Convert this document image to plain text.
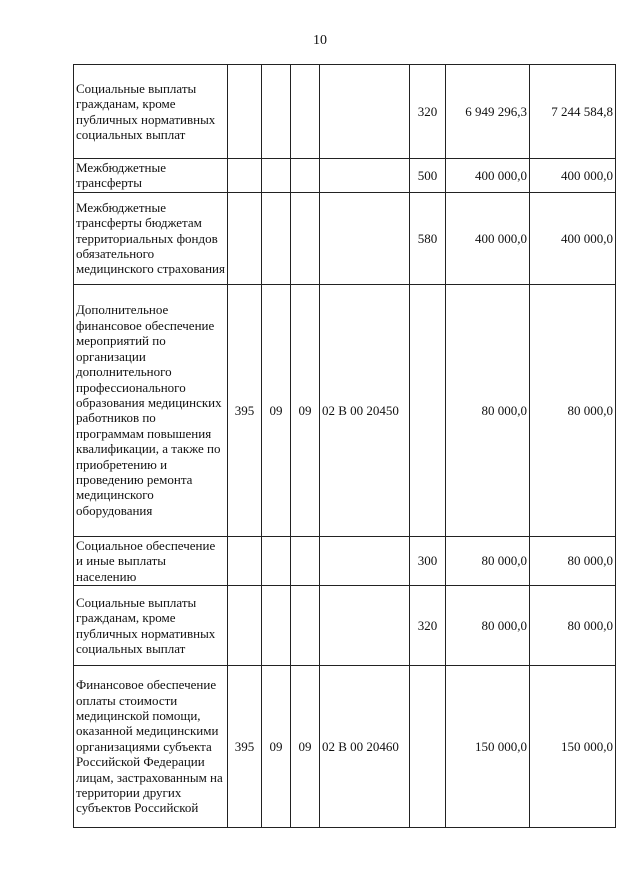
10
Социальные выплаты гражданам, кроме публичных нормативных социальных выплат					320	6 949 296,3	7 244 584,8
Межбюджетные трансферты					500	400 000,0	400 000,0
Межбюджетные трансферты бюджетам территориальных фондов обязательного медицинского страхования					580	400 000,0	400 000,0
Дополнительное финансовое обеспечение мероприятий по организации дополнительного профессионального образования медицинских работников по программам повышения квалификации, а также по приобретению и проведению ремонта медицинского оборудования	395	09	09	02 В 00 20450		80 000,0	80 000,0
Социальное обеспечение и иные выплаты населению					300	80 000,0	80 000,0
Социальные выплаты гражданам, кроме публичных нормативных социальных выплат					320	80 000,0	80 000,0
Финансовое обеспечение оплаты стоимости медицинской помощи, оказанной медицинскими организациями субъекта Российской Федерации лицам, застрахованным на территории других субъектов Российской	395	09	09	02 В 00 20460		150 000,0	150 000,0
